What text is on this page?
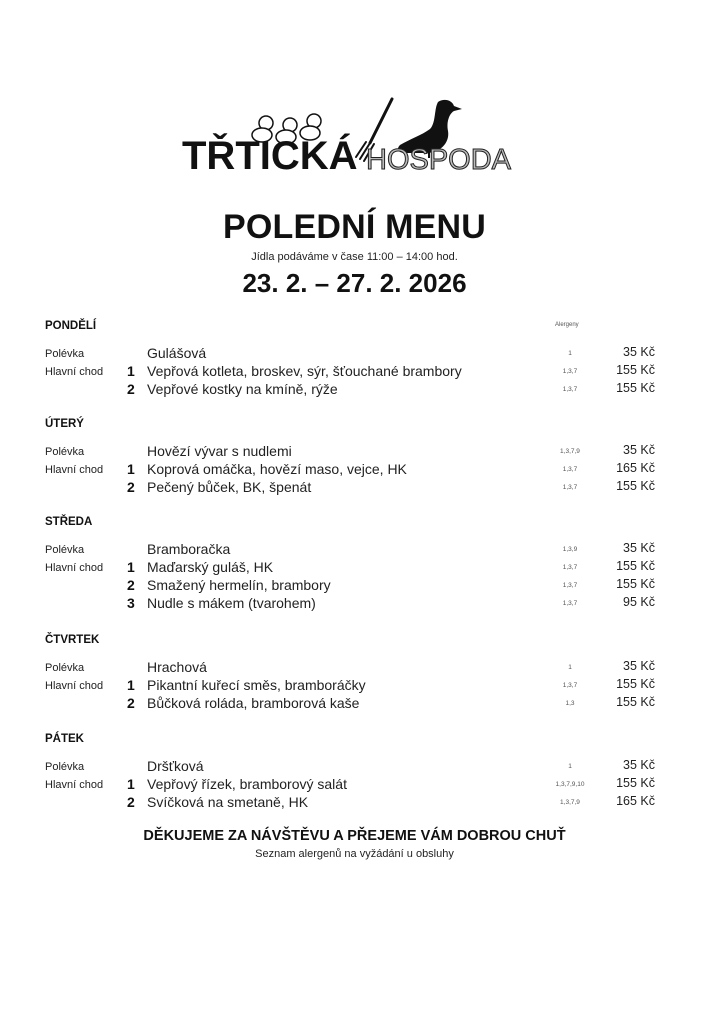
TŘTICKÁ HOSPODA
POLEDNÍ MENU
Jídla podáváme v čase 11:00 – 14:00 hod.
23. 2. – 27. 2. 2026
Alergeny
PONDĚLÍ
Polévka	Gulášová	1	35 Kč
Hlavní chod 1 Vepřová kotleta, broskev, sýr, šťouchané brambory	1,3,7	155 Kč
2 Vepřové kostky na kmíně, rýže	1,3,7	155 Kč
ÚTERÝ
Polévka	Hovězí vývar s nudlemi	1,3,7,9	35 Kč
Hlavní chod 1 Koprová omáčka, hovězí maso, vejce, HK	1,3,7	165 Kč
2 Pečený bůček, BK, špenát	1,3,7	155 Kč
STŘEDA
Polévka	Bramboračka	1,3,9	35 Kč
Hlavní chod 1 Maďarský guláš, HK	1,3,7	155 Kč
2 Smažený hermelín, brambory	1,3,7	155 Kč
3 Nudle s mákem (tvarohem)	1,3,7	95 Kč
ČTVRTEK
Polévka	Hrachová	1	35 Kč
Hlavní chod 1 Pikantní kuřecí směs, bramboráčky	1,3,7	155 Kč
2 Bůčková roláda, bramborová kaše	1,3	155 Kč
PÁTEK
Polévka	Dršťková	1	35 Kč
Hlavní chod 1 Vepřový řízek, bramborový salát	1,3,7,9,10	155 Kč
2 Svíčková na smetaně, HK	1,3,7,9	165 Kč
DĚKUJEME ZA NÁVŠTĚVU A PŘEJEME VÁM DOBROU CHUŤ
Seznam alergenů na vyžádání u obsluhy
